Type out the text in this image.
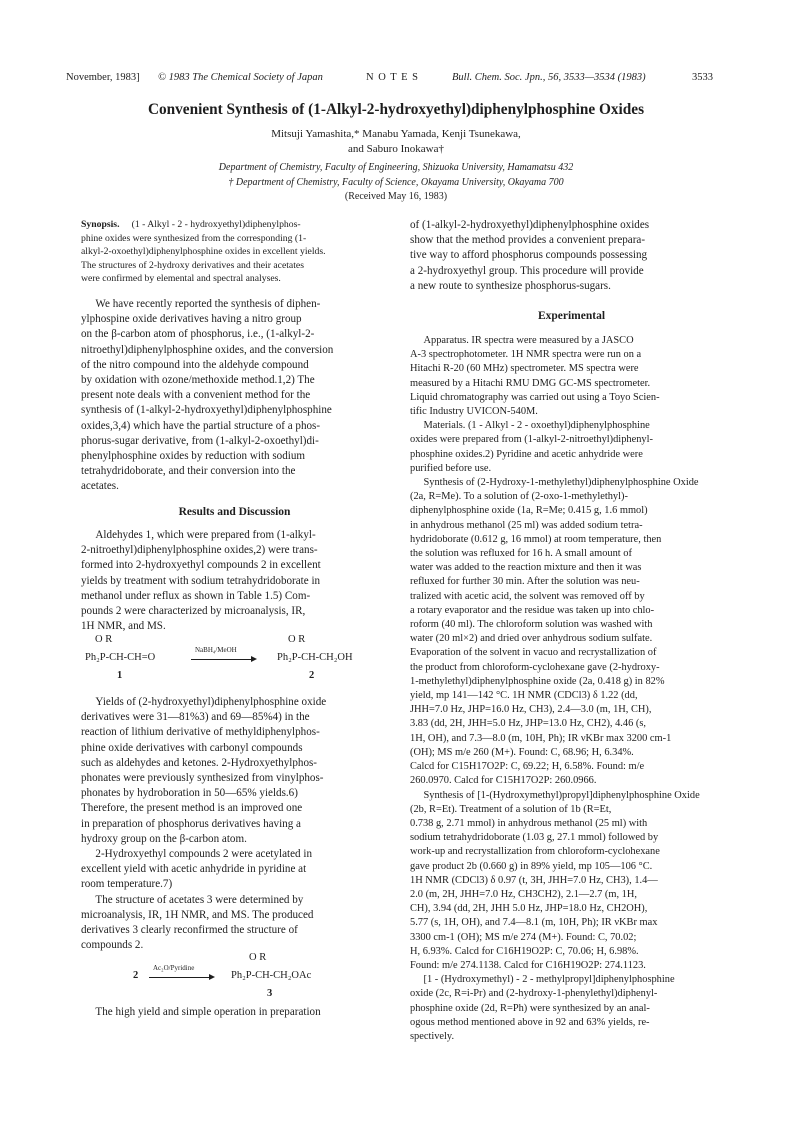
November, 1983] © 1983 The Chemical Society of Japan	N O T E S	Bull. Chem. Soc. Jpn., 56, 3533—3534 (1983)	3533
Convenient Synthesis of (1-Alkyl-2-hydroxyethyl)diphenylphosphine Oxides
Mitsuji Yamashita,* Manabu Yamada, Kenji Tsunekawa,
and Saburo Inokawa†
Department of Chemistry, Faculty of Engineering, Shizuoka University, Hamamatsu 432
† Department of Chemistry, Faculty of Science, Okayama University, Okayama 700
(Received May 16, 1983)

Synopsis. (1 - Alkyl - 2 - hydroxyethyl)diphenylphos-
phine oxides were synthesized from the corresponding (1-
alkyl-2-oxoethyl)diphenylphosphine oxides in excellent yields.
The structures of 2-hydroxy derivatives and their acetates
were confirmed by elemental and spectral analyses.

We have recently reported the synthesis of diphen-
ylphospine oxide derivatives having a nitro group
on the β-carbon atom of phosphorus, i.e., (1-alkyl-2-
nitroethyl)diphenylphosphine oxides, and the conversion
of the nitro compound into the aldehyde compound
by oxidation with ozone/methoxide method.1,2) The
present note deals with a convenient method for the
synthesis of (1-alkyl-2-hydroxyethyl)diphenylphosphine
oxides,3,4) which have the partial structure of a phos-
phorus-sugar derivative, from (1-alkyl-2-oxoethyl)di-
phenylphosphine oxides by reduction with sodium
tetrahydridoborate, and their conversion into the
acetates.

Results and Discussion

Aldehydes 1, which were prepared from (1-alkyl-
2-nitroethyl)diphenylphosphine oxides,2) were trans-
formed into 2-hydroxyethyl compounds 2 in excellent
yields by treatment with sodium tetrahydridoborate in
methanol under reflux as shown in Table 1.5) Com-
pounds 2 were characterized by microanalysis, IR,
1H NMR, and MS.

O R
Ph₂P-CH-CH=O
NaBH₄/MeOH
O R
Ph₂P-CH-CH₂OH
1	2

Yields of (2-hydroxyethyl)diphenylphosphine oxide
derivatives were 31—81%3) and 69—85%4) in the
reaction of lithium derivative of methyldiphenylphos-
phine oxide derivatives with carbonyl compounds
such as aldehydes and ketones. 2-Hydroxyethylphos-
phonates were previously synthesized from vinylphos-
phonates by hydroboration in 50—65% yields.6)
Therefore, the present method is an improved one
in preparation of phosphorus derivatives having a
hydroxy group on the β-carbon atom.

2-Hydroxyethyl compounds 2 were acetylated in
excellent yield with acetic anhydride in pyridine at
room temperature.7)

The structure of acetates 3 were determined by
microanalysis, IR, 1H NMR, and MS. The produced
derivatives 3 clearly reconfirmed the structure of
compounds 2.

2
Ac₂O/Pyridine
O R
Ph₂P-CH-CH₂OAc
3

The high yield and simple operation in preparation

of (1-alkyl-2-hydroxyethyl)diphenylphosphine oxides
show that the method provides a convenient prepara-
tive way to afford phosphorus compounds possessing
a 2-hydroxyethyl group. This procedure will provide
a new route to synthesize phosphorus-sugars.

Experimental

Apparatus. IR spectra were measured by a JASCO
A-3 spectrophotometer. 1H NMR spectra were run on a
Hitachi R-20 (60 MHz) spectrometer. MS spectra were
measured by a Hitachi RMU DMG GC-MS spectrometer.
Liquid chromatography was carried out using a Toyo Scien-
tific Industry UVICON-540M.

Materials. (1 - Alkyl - 2 - oxoethyl)diphenylphosphine
oxides were prepared from (1-alkyl-2-nitroethyl)diphenyl-
phosphine oxides.2) Pyridine and acetic anhydride were
purified before use.

Synthesis of (2-Hydroxy-1-methylethyl)diphenylphosphine Oxide
(2a, R=Me). To a solution of (2-oxo-1-methylethyl)-
diphenylphosphine oxide (1a, R=Me; 0.415 g, 1.6 mmol)
in anhydrous methanol (25 ml) was added sodium tetra-
hydridoborate (0.612 g, 16 mmol) at room temperature, then
the solution was refluxed for 16 h. A small amount of
water was added to the reaction mixture and then it was
refluxed for further 30 min. After the solution was neu-
tralized with acetic acid, the solvent was removed off by
a rotary evaporator and the residue was taken up into chlo-
roform (40 ml). The chloroform solution was washed with
water (20 ml×2) and dried over anhydrous sodium sulfate.
Evaporation of the solvent in vacuo and recrystallization of
the product from chloroform-cyclohexane gave (2-hydroxy-
1-methylethyl)diphenylphosphine oxide (2a, 0.418 g) in 82%
yield, mp 141—142 °C. 1H NMR (CDCl3) δ 1.22 (dd,
JHH=7.0 Hz, JHP=16.0 Hz, CH3), 2.4—3.0 (m, 1H, CH),
3.83 (dd, 2H, JHH=5.0 Hz, JHP=13.0 Hz, CH2), 4.46 (s,
1H, OH), and 7.3—8.0 (m, 10H, Ph); IR νKBr max 3200 cm-1
(OH); MS m/e 260 (M+). Found: C, 68.96; H, 6.34%.
Calcd for C15H17O2P: C, 69.22; H, 6.58%. Found: m/e
260.0970. Calcd for C15H17O2P: 260.0966.

Synthesis of [1-(Hydroxymethyl)propyl]diphenylphosphine Oxide
(2b, R=Et). Treatment of a solution of 1b (R=Et,
0.738 g, 2.71 mmol) in anhydrous methanol (25 ml) with
sodium tetrahydridoborate (1.03 g, 27.1 mmol) followed by
work-up and recrystallization from chloroform-cyclohexane
gave product 2b (0.660 g) in 89% yield, mp 105—106 °C.
1H NMR (CDCl3) δ 0.97 (t, 3H, JHH=7.0 Hz, CH3), 1.4—
2.0 (m, 2H, JHH=7.0 Hz, CH3CH2), 2.1—2.7 (m, 1H,
CH), 3.94 (dd, 2H, JHH 5.0 Hz, JHP=18.0 Hz, CH2OH),
5.77 (s, 1H, OH), and 7.4—8.1 (m, 10H, Ph); IR νKBr max
3300 cm-1 (OH); MS m/e 274 (M+). Found: C, 70.02;
H, 6.93%. Calcd for C16H19O2P: C, 70.06; H, 6.98%.
Found: m/e 274.1138. Calcd for C16H19O2P: 274.1123.

[1 - (Hydroxymethyl) - 2 - methylpropyl]diphenylphosphine
oxide (2c, R=i-Pr) and (2-hydroxy-1-phenylethyl)diphenyl-
phosphine oxide (2d, R=Ph) were synthesized by an anal-
ogous method mentioned above in 92 and 63% yields, re-
spectively.
